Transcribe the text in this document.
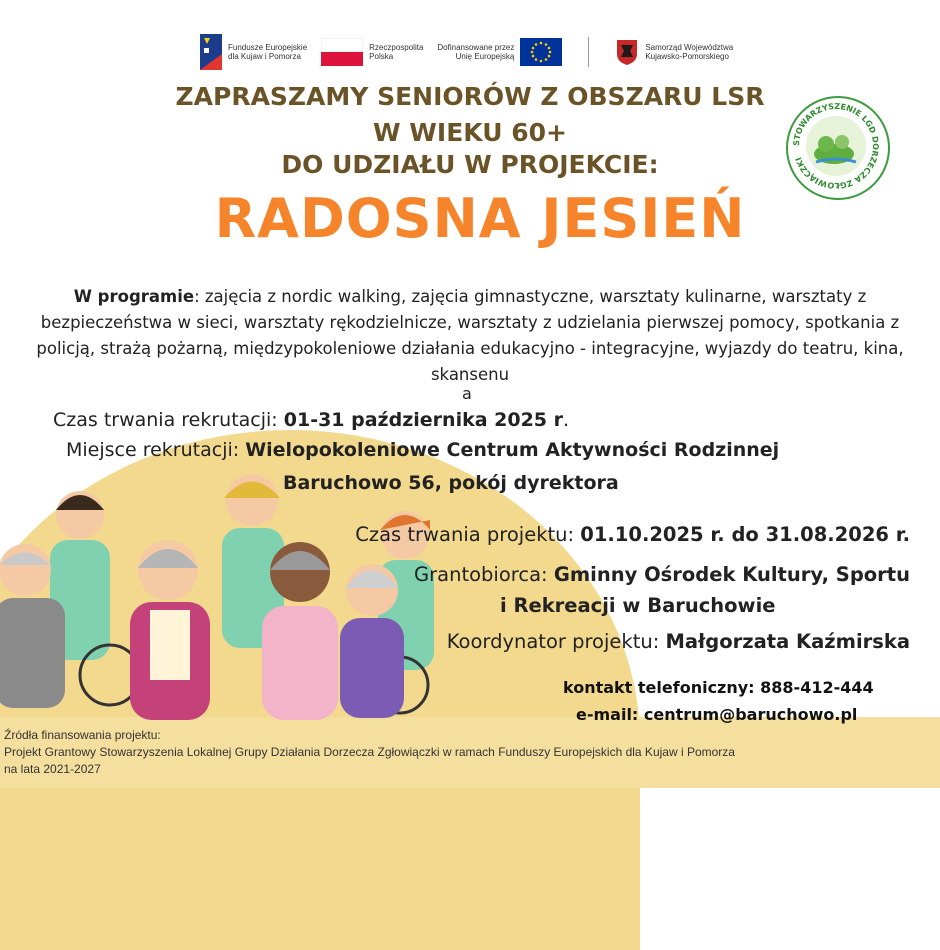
Fundusze Europejskie
dla Kujaw i Pomorza
Rzeczpospolita
Polska
Dofinansowane przez
Unię Europejską
Samorząd Województwa
Kujawsko-Pomorskiego
STOWARZYSZENIE LGD DORZECZA ZGŁOWIĄCZKI
ZAPRASZAMY SENIORÓW Z OBSZARU LSR
W WIEKU 60+
DO UDZIAŁU W PROJEKCIE:
RADOSNA JESIEŃ
W programie: zajęcia z nordic walking, zajęcia gimnastyczne, warsztaty kulinarne, warsztaty z bezpieczeństwa w sieci, warsztaty rękodzielnicze, warsztaty z udzielania pierwszej pomocy, spotkania z policją, strażą pożarną, międzypokoleniowe działania edukacyjno - integracyjne, wyjazdy do teatru, kina, skansenu
a
Czas trwania rekrutacji: 01-31 października 2025 r.
Miejsce rekrutacji: Wielopokoleniowe Centrum Aktywności Rodzinnej
Baruchowo 56, pokój dyrektora
Czas trwania projektu: 01.10.2025 r. do 31.08.2026 r.
Grantobiorca: Gminny Ośrodek Kultury, Sportu
i Rekreacji w Baruchowie
Koordynator projektu: Małgorzata Kaźmirska
kontakt telefoniczny: 888-412-444
e-mail: centrum@baruchowo.pl
Źródła finansowania projektu:
Projekt Grantowy Stowarzyszenia Lokalnej Grupy Działania Dorzecza Zgłowiączki w ramach Funduszy Europejskich dla Kujaw i Pomorza
na lata 2021-2027
